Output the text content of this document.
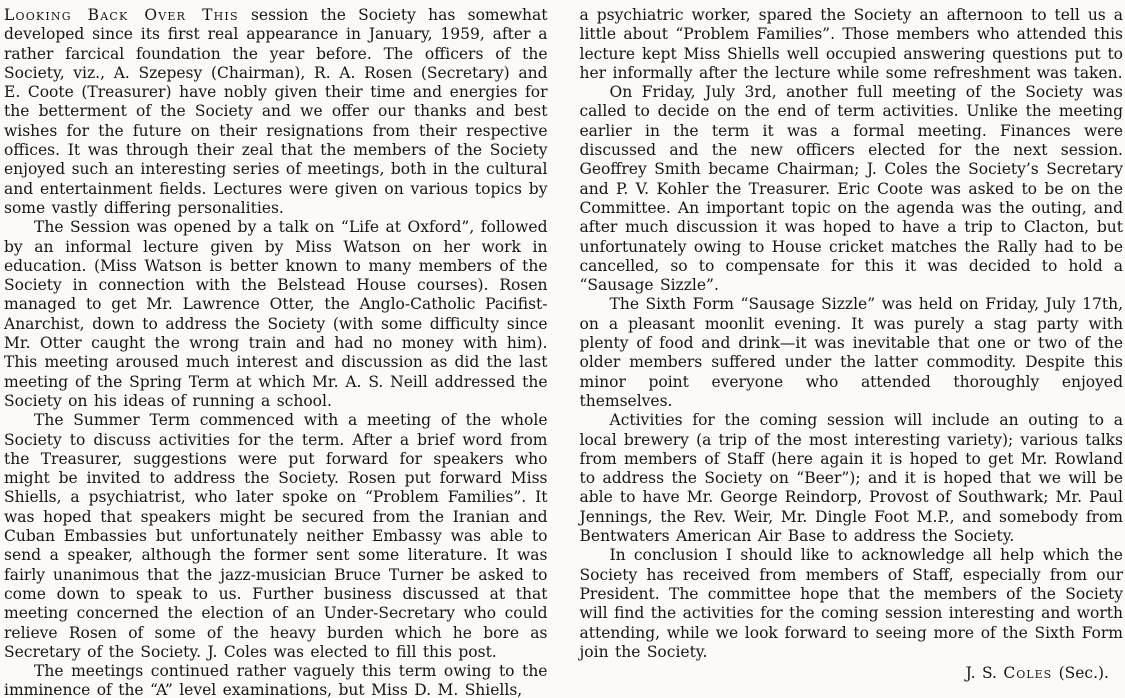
Looking Back Over This session the Society has somewhat developed since its first real appearance in January, 1959, after a rather farcical foundation the year before. The officers of the Society, viz., A. Szepesy (Chairman), R. A. Rosen (Secretary) and E. Coote (Treasurer) have nobly given their time and energies for the betterment of the Society and we offer our thanks and best wishes for the future on their resignations from their respective offices. It was through their zeal that the members of the Society enjoyed such an interesting series of meetings, both in the cultural and entertainment fields. Lectures were given on various topics by some vastly differing personalities.

The Session was opened by a talk on “Life at Oxford”, followed by an informal lecture given by Miss Watson on her work in education. (Miss Watson is better known to many members of the Society in connection with the Belstead House courses). Rosen managed to get Mr. Lawrence Otter, the Anglo-Catholic Pacifist-Anarchist, down to address the Society (with some difficulty since Mr. Otter caught the wrong train and had no money with him). This meeting aroused much interest and discussion as did the last meeting of the Spring Term at which Mr. A. S. Neill addressed the Society on his ideas of running a school.

The Summer Term commenced with a meeting of the whole Society to discuss activities for the term. After a brief word from the Treasurer, suggestions were put forward for speakers who might be invited to address the Society. Rosen put forward Miss Shiells, a psychiatrist, who later spoke on “Problem Families”. It was hoped that speakers might be secured from the Iranian and Cuban Embassies but unfortunately neither Embassy was able to send a speaker, although the former sent some literature. It was fairly unanimous that the jazz-musician Bruce Turner be asked to come down to speak to us. Further business discussed at that meeting concerned the election of an Under-Secretary who could relieve Rosen of some of the heavy burden which he bore as Secretary of the Society. J. Coles was elected to fill this post.

The meetings continued rather vaguely this term owing to the imminence of the “A” level examinations, but Miss D. M. Shiells,

a psychiatric worker, spared the Society an afternoon to tell us a little about “Problem Families”. Those members who attended this lecture kept Miss Shiells well occupied answering questions put to her informally after the lecture while some refreshment was taken.

On Friday, July 3rd, another full meeting of the Society was called to decide on the end of term activities. Unlike the meeting earlier in the term it was a formal meeting. Finances were discussed and the new officers elected for the next session. Geoffrey Smith became Chairman; J. Coles the Society’s Secretary and P. V. Kohler the Treasurer. Eric Coote was asked to be on the Committee. An important topic on the agenda was the outing, and after much discussion it was hoped to have a trip to Clacton, but unfortunately owing to House cricket matches the Rally had to be cancelled, so to compensate for this it was decided to hold a “Sausage Sizzle”.

The Sixth Form “Sausage Sizzle” was held on Friday, July 17th, on a pleasant moonlit evening. It was purely a stag party with plenty of food and drink—it was inevitable that one or two of the older members suffered under the latter commodity. Despite this minor point everyone who attended thoroughly enjoyed themselves.

Activities for the coming session will include an outing to a local brewery (a trip of the most interesting variety); various talks from members of Staff (here again it is hoped to get Mr. Rowland to address the Society on “Beer”); and it is hoped that we will be able to have Mr. George Reindorp, Provost of Southwark; Mr. Paul Jennings, the Rev. Weir, Mr. Dingle Foot M.P., and somebody from Bentwaters American Air Base to address the Society.

In conclusion I should like to acknowledge all help which the Society has received from members of Staff, especially from our President. The committee hope that the members of the Society will find the activities for the coming session interesting and worth attending, while we look forward to seeing more of the Sixth Form join the Society.

J. S. Coles (Sec.).
